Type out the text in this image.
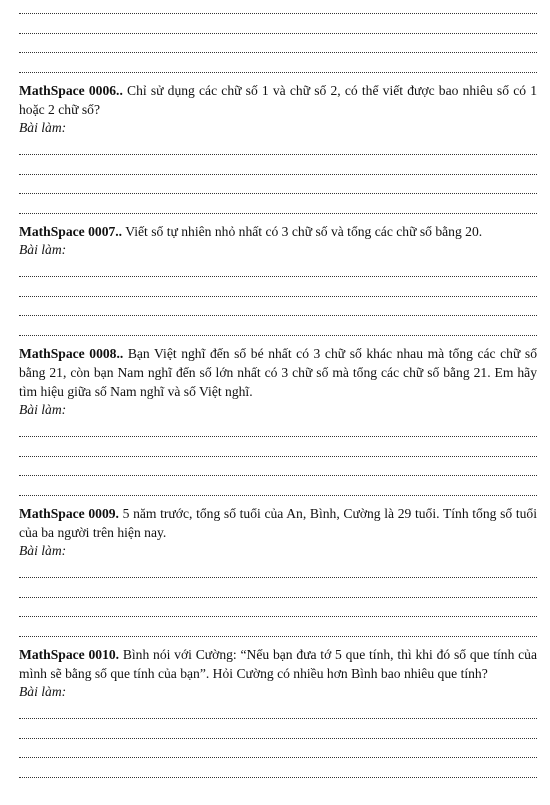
MathSpace 0006.. Chỉ sử dụng các chữ số 1 và chữ số 2, có thể viết được bao nhiêu số có 1 hoặc 2 chữ số?
Bài làm:
MathSpace 0007.. Viết số tự nhiên nhỏ nhất có 3 chữ số và tổng các chữ số bằng 20.
Bài làm:
MathSpace 0008.. Bạn Việt nghĩ đến số bé nhất có 3 chữ số khác nhau mà tổng các chữ số bằng 21, còn bạn Nam nghĩ đến số lớn nhất có 3 chữ số mà tổng các chữ số bằng 21. Em hãy tìm hiệu giữa số Nam nghĩ và số Việt nghĩ.
Bài làm:
MathSpace 0009. 5 năm trước, tổng số tuổi của An, Bình, Cường là 29 tuổi. Tính tổng số tuổi của ba người trên hiện nay.
Bài làm:
MathSpace 0010. Bình nói với Cường: “Nếu bạn đưa tớ 5 que tính, thì khi đó số que tính của mình sẽ bằng số que tính của bạn”. Hỏi Cường có nhiều hơn Bình bao nhiêu que tính?
Bài làm:
